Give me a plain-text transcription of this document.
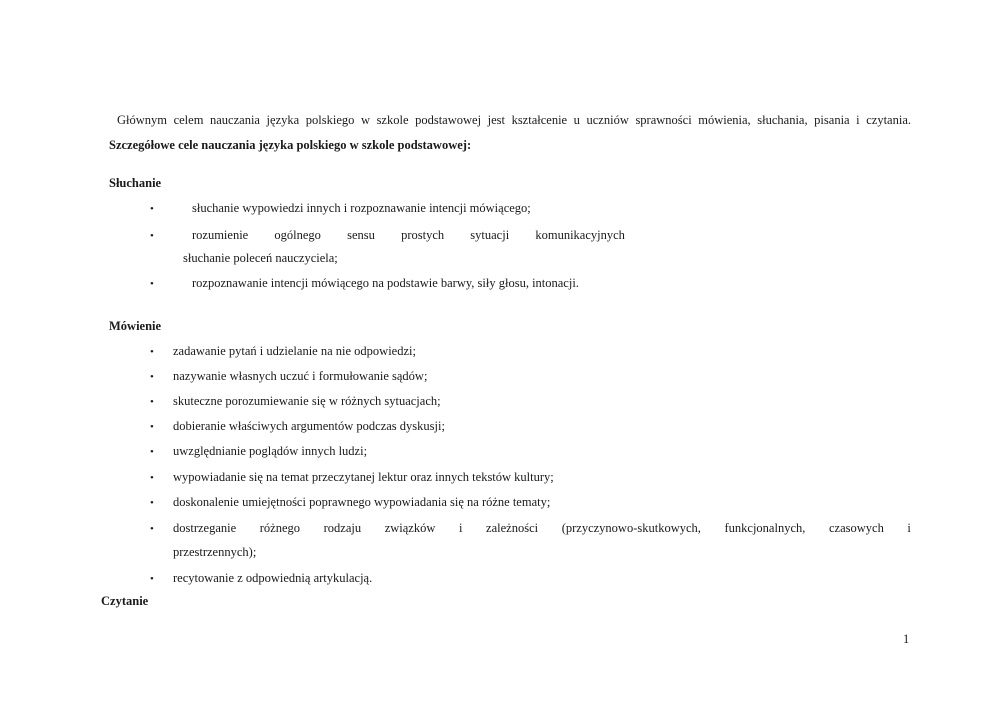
Głównym celem nauczania języka polskiego w szkole podstawowej jest kształcenie u uczniów sprawności mówienia, słuchania, pisania i czytania.
Szczegółowe cele nauczania języka polskiego w szkole podstawowej:
Słuchanie
•	słuchanie wypowiedzi innych i rozpoznawanie intencji mówiącego;
•	rozumienie ogólnego sensu prostych sytuacji komunikacyjnych
słuchanie poleceń nauczyciela;
•	rozpoznawanie intencji mówiącego na podstawie barwy, siły głosu, intonacji.
Mówienie
• zadawanie pytań i udzielanie na nie odpowiedzi;
• nazywanie własnych uczuć i formułowanie sądów;
• skuteczne porozumiewanie się w różnych sytuacjach;
• dobieranie właściwych argumentów podczas dyskusji;
• uwzględnianie poglądów innych ludzi;
• wypowiadanie się na temat przeczytanej lektur oraz innych tekstów kultury;
• doskonalenie umiejętności poprawnego wypowiadania się na różne tematy;
• dostrzeganie różnego rodzaju związków i zależności (przyczynowo-skutkowych, funkcjonalnych, czasowych i
przestrzennych);
• recytowanie z odpowiednią artykulacją.
Czytanie
1
